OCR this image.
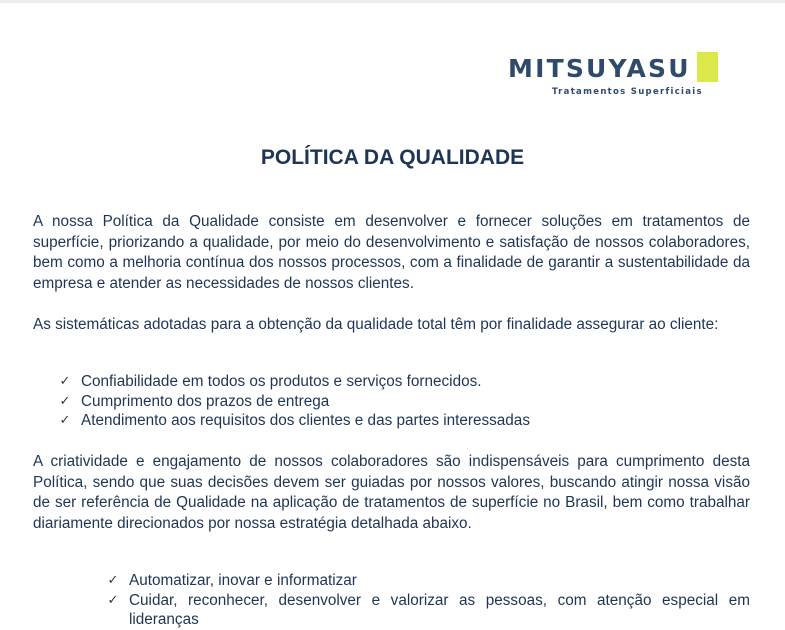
MITSUYASU
Tratamentos Superficiais
POLÍTICA DA QUALIDADE

A nossa Política da Qualidade consiste em desenvolver e fornecer soluções em tratamentos de superfície, priorizando a qualidade, por meio do desenvolvimento e satisfação de nossos colaboradores, bem como a melhoria contínua dos nossos processos, com a finalidade de garantir a sustentabilidade da empresa e atender as necessidades de nossos clientes.

As sistemáticas adotadas para a obtenção da qualidade total têm por finalidade assegurar ao cliente:

✓ Confiabilidade em todos os produtos e serviços fornecidos.
✓ Cumprimento dos prazos de entrega
✓ Atendimento aos requisitos dos clientes e das partes interessadas

A criatividade e engajamento de nossos colaboradores são indispensáveis para cumprimento desta Política, sendo que suas decisões devem ser guiadas por nossos valores, buscando atingir nossa visão de ser referência de Qualidade na aplicação de tratamentos de superfície no Brasil, bem como trabalhar diariamente direcionados por nossa estratégia detalhada abaixo.

✓ Automatizar, inovar e informatizar
✓ Cuidar, reconhecer, desenvolver e valorizar as pessoas, com atenção especial em lideranças
